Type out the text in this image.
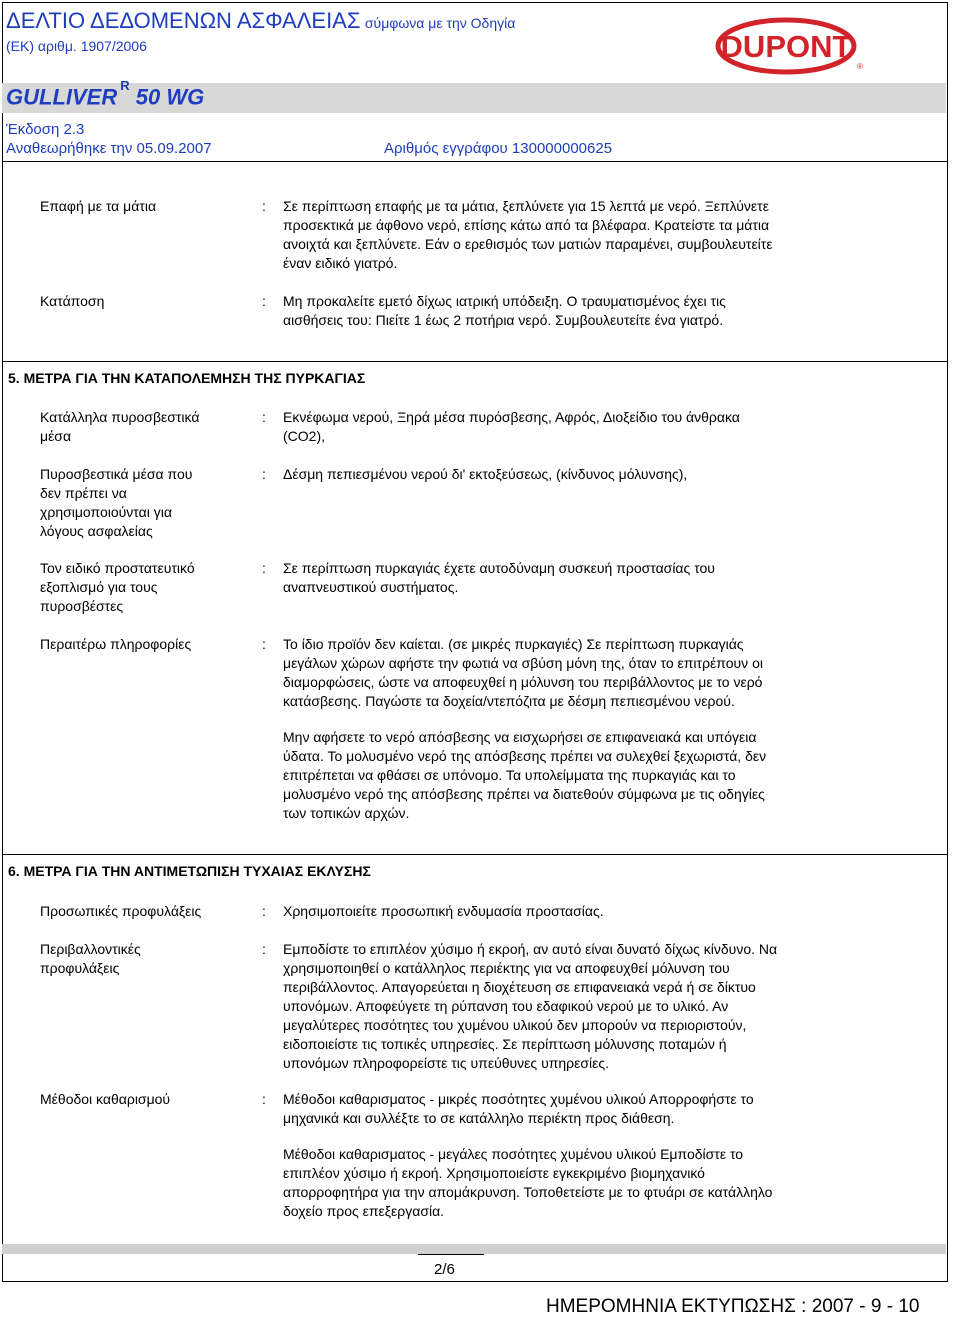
ΔΕΛΤΙΟ ΔΕΔΟΜΕΝΩΝ ΑΣΦΑΛΕΙΑΣ σύμφωνα με την Οδηγία
(ΕΚ) αριθμ. 1907/2006	DUPONT
®
GULLIVER $^R$ 50 WG
Έκδοση 2.3
Αναθεωρήθηκε την 05.09.2007	Αριθμός εγγράφου 130000000625
Επαφή με τα μάτια	: Σε περίπτωση επαφής με τα μάτια, ξεπλύνετε για 15 λεπτά με νερό. Ξεπλύνετε
προσεκτικά με άφθονο νερό, επίσης κάτω από τα βλέφαρα. Κρατείστε τα μάτια
ανοιχτά και ξεπλύνετε. Εάν ο ερεθισμός των ματιών παραμένει, συμβουλευτείτε
έναν ειδικό γιατρό.
Κατάποση	: Μη προκαλείτε εμετό δίχως ιατρική υπόδειξη. Ο τραυματισμένος έχει τις
αισθήσεις του: Πιείτε 1 έως 2 ποτήρια νερό. Συμβουλευτείτε ένα γιατρό.
5. ΜΕΤΡΑ ΓΙΑ ΤΗΝ ΚΑΤΑΠΟΛΕΜΗΣΗ ΤΗΣ ΠΥΡΚΑΓΙΑΣ
Κατάλληλα πυροσβεστικά
μέσα
: Εκνέφωμα νερού, Ξηρά μέσα πυρόσβεσης, Αφρός, Διοξείδιο του άνθρακα
(CO2),
Πυροσβεστικά μέσα που
δεν πρέπει να
χρησιμοποιούνται για
λόγους ασφαλείας
: Δέσμη πεπιεσμένου νερού δι' εκτοξεύσεως, (κίνδυνος μόλυνσης),
Τον ειδικό προστατευτικό
εξοπλισμό για τους
πυροσβέστες
: Σε περίπτωση πυρκαγιάς έχετε αυτοδύναμη συσκευή προστασίας του
αναπνευστικού συστήματος.
Περαιτέρω πληροφορίες	: Το ίδιο προϊόν δεν καίεται. (σε μικρές πυρκαγιές) Σε περίπτωση πυρκαγιάς
μεγάλων χώρων αφήστε την φωτιά να σβύση μόνη της, όταν το επιτρέπουν οι
διαμορφώσεις, ώστε να αποφευχθεί η μόλυνση του περιβάλλοντος με το νερό
κατάσβεσης. Παγώστε τα δοχεία/ντεπόζιτα με δέσμη πεπιεσμένου νερού.
Μην αφήσετε το νερό απόσβεσης να εισχωρήσει σε επιφανειακά και υπόγεια
ύδατα. Το μολυσμένο νερό της απόσβεσης πρέπει να συλεχθεί ξεχωριστά, δεν
επιτρέπεται να φθάσει σε υπόνομο. Τα υπολείμματα της πυρκαγιάς και το
μολυσμένο νερό της απόσβεσης πρέπει να διατεθούν σύμφωνα με τις οδηγίες
των τοπικών αρχών.
6. ΜΕΤΡΑ ΓΙΑ ΤΗΝ ΑΝΤΙΜΕΤΩΠΙΣΗ ΤΥΧΑΙΑΣ ΕΚΛΥΣΗΣ
Προσωπικές προφυλάξεις	: Χρησιμοποιείτε προσωπική ενδυμασία προστασίας.
Περιβαλλοντικές
προφυλάξεις
: Εμποδίστε το επιπλέον χύσιμο ή εκροή, αν αυτό είναι δυνατό δίχως κίνδυνο. Να
χρησιμοποιηθεί ο κατάλληλος περιέκτης για να αποφευχθεί μόλυνση του
περιβάλλοντος. Απαγορεύεται η διοχέτευση σε επιφανειακά νερά ή σε δίκτυο
υπονόμων. Αποφεύγετε τη ρύπανση του εδαφικού νερού με το υλικό. Αν
μεγαλύτερες ποσότητες του χυμένου υλικού δεν μπορούν να περιοριστούν,
ειδοποιείστε τις τοπικές υπηρεσίες. Σε περίπτωση μόλυνσης ποταμών ή
υπονόμων πληροφορείστε τις υπεύθυνες υπηρεσίες.
Μέθοδοι καθαρισμού	: Μέθοδοι καθαρισματος - μικρές ποσότητες χυμένου υλικού Απορροφήστε το
μηχανικά και συλλέξτε το σε κατάλληλο περιέκτη προς διάθεση.
Μέθοδοι καθαρισματος - μεγάλες ποσότητες χυμένου υλικού Εμποδίστε το
επιπλέον χύσιμο ή εκροή. Χρησιμοποιείστε εγκεκριμένο βιομηχανικό
απορροφητήρα για την απομάκρυνση. Τοποθετείστε με το φτυάρι σε κατάλληλο
δοχείο προς επεξεργασία.
2/6
ΗΜΕΡΟΜΗΝΙΑ ΕΚΤΥΠΩΣΗΣ : 2007 - 9 - 10
